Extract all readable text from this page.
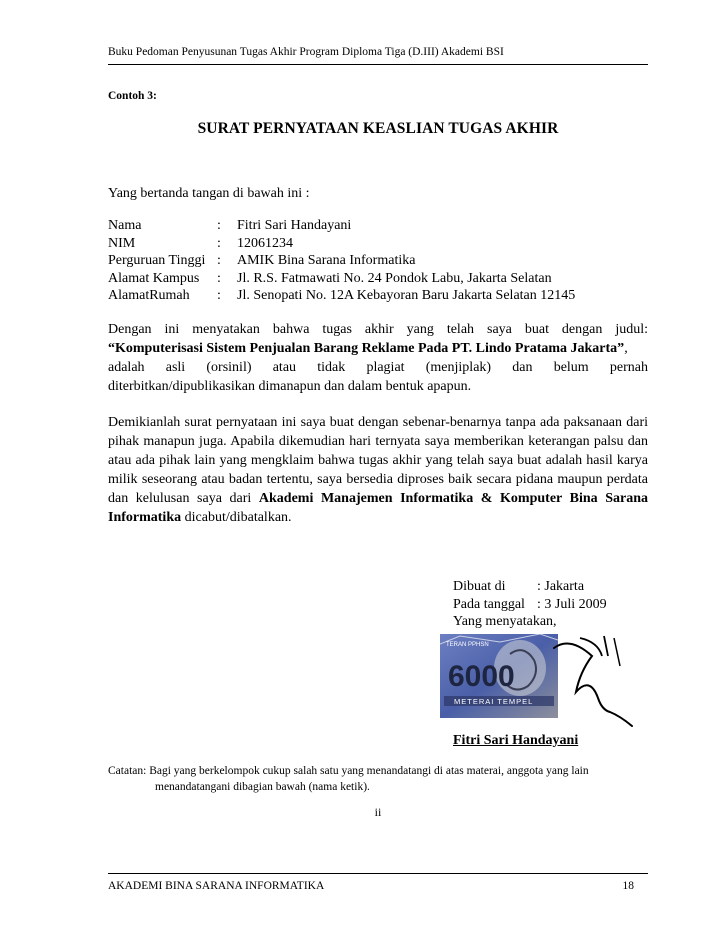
Buku Pedoman Penyusunan Tugas Akhir Program Diploma Tiga (D.III) Akademi BSI
Contoh 3:
SURAT PERNYATAAN KEASLIAN TUGAS AKHIR
Yang bertanda tangan di bawah ini :
Nama	: Fitri Sari Handayani
NIM	: 12061234
Perguruan Tinggi : AMIK Bina Sarana Informatika
Alamat Kampus : Jl. R.S. Fatmawati No. 24 Pondok Labu, Jakarta Selatan
AlamatRumah : Jl. Senopati No. 12A Kebayoran Baru Jakarta Selatan 12145
Dengan ini menyatakan bahwa tugas akhir yang telah saya buat dengan judul:
“Komputerisasi Sistem Penjualan Barang Reklame Pada PT. Lindo Pratama Jakarta”,
adalah asli (orsinil) atau tidak plagiat (menjiplak) dan belum pernah
diterbitkan/dipublikasikan dimanapun dan dalam bentuk apapun.
Demikianlah surat pernyataan ini saya buat dengan sebenar-benarnya tanpa ada paksanaan dari pihak manapun juga. Apabila dikemudian hari ternyata saya memberikan keterangan palsu dan atau ada pihak lain yang mengklaim bahwa tugas akhir yang telah saya buat adalah hasil karya milik seseorang atau badan tertentu, saya bersedia diproses baik secara pidana maupun perdata dan kelulusan saya dari Akademi Manajemen Informatika & Komputer Bina Sarana Informatika dicabut/dibatalkan.
Dibuat di : Jakarta
Pada tanggal : 3 Juli 2009
Yang menyatakan,
TERAN PPHSN
6000
METERAI TEMPEL
Fitri Sari Handayani
Catatan: Bagi yang berkelompok cukup salah satu yang menandatangi di atas materai, anggota yang lain
menandatangani dibagian bawah (nama ketik).
ii
AKADEMI BINA SARANA INFORMATIKA	18
